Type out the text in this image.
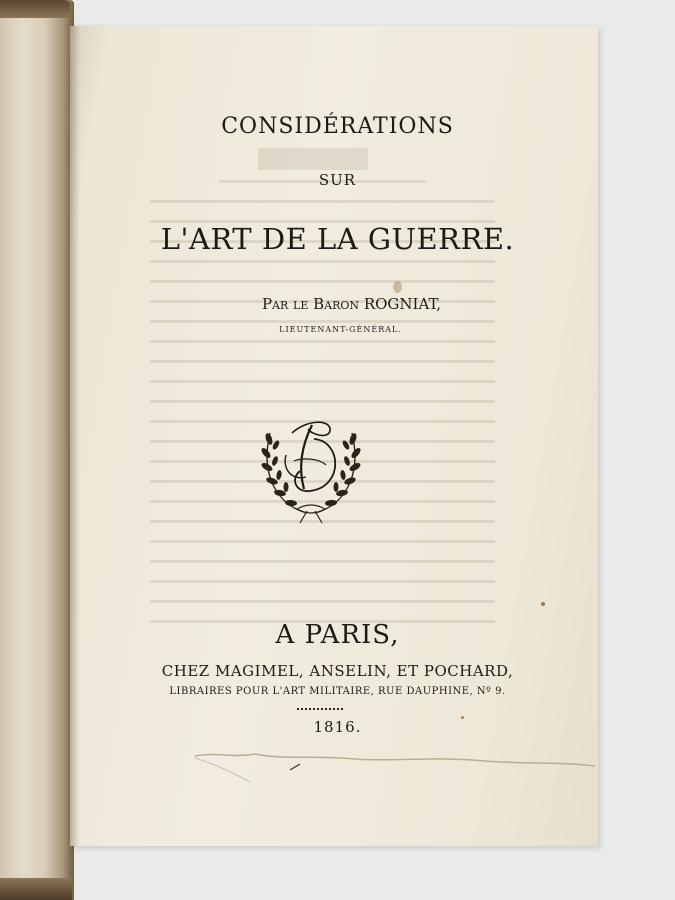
CONSIDÉRATIONS
SUR
L'ART DE LA GUERRE.
Par le Baron ROGNIAT,
LIEUTENANT-GÉNÉRAL.
A PARIS,
CHEZ MAGIMEL, ANSELIN, ET POCHARD,
LIBRAIRES POUR L'ART MILITAIRE, RUE DAUPHINE, Nº 9.
1816.
